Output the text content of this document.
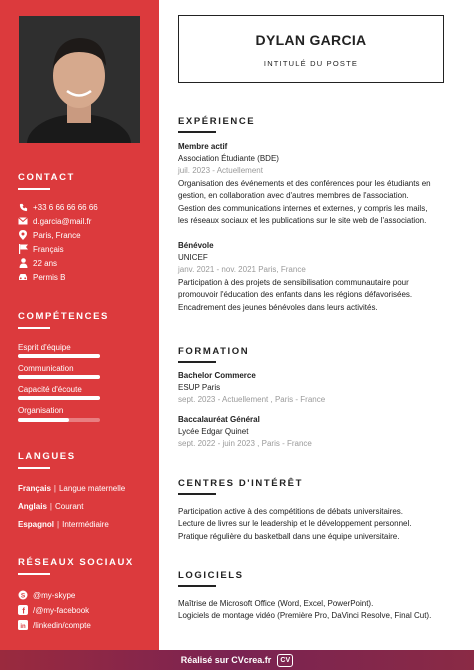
CONTACT
+33 6 66 66 66 66
d.garcia@mail.fr
Paris, France
Français
22 ans
Permis B
COMPÉTENCES
Esprit d'équipe
Communication
Capacité d'écoute
Organisation
LANGUES
Français | Langue maternelle
Anglais | Courant
Espagnol | Intermédiaire
RÉSEAUX SOCIAUX
S @my-skype
f /@my-facebook
in /linkedin/compte
DYLAN GARCIA
INTITULÉ DU POSTE
EXPÉRIENCE
Membre actif
Association Étudiante (BDE)
juil. 2023 - Actuellement
Organisation des événements et des conférences pour les étudiants en
gestion, en collaboration avec d'autres membres de l'association.
Gestion des communications internes et externes, y compris les mails,
les réseaux sociaux et les publications sur le site web de l'association.
Bénévole
UNICEF
janv. 2021 - nov. 2021 Paris, France
Participation à des projets de sensibilisation communautaire pour
promouvoir l'éducation des enfants dans les régions défavorisées.
Encadrement des jeunes bénévoles dans leurs activités.
FORMATION
Bachelor Commerce
ESUP Paris
sept. 2023 - Actuellement , Paris - France
Baccalauréat Général
Lycée Edgar Quinet
sept. 2022 - juin 2023 , Paris - France
CENTRES D'INTÉRÊT
Participation active à des compétitions de débats universitaires.
Lecture de livres sur le leadership et le développement personnel.
Pratique régulière du basketball dans une équipe universitaire.
LOGICIELS
Maîtrise de Microsoft Office (Word, Excel, PowerPoint).
Logiciels de montage vidéo (Première Pro, DaVinci Resolve, Final Cut).
Réalisé sur CVcrea.fr	CV
